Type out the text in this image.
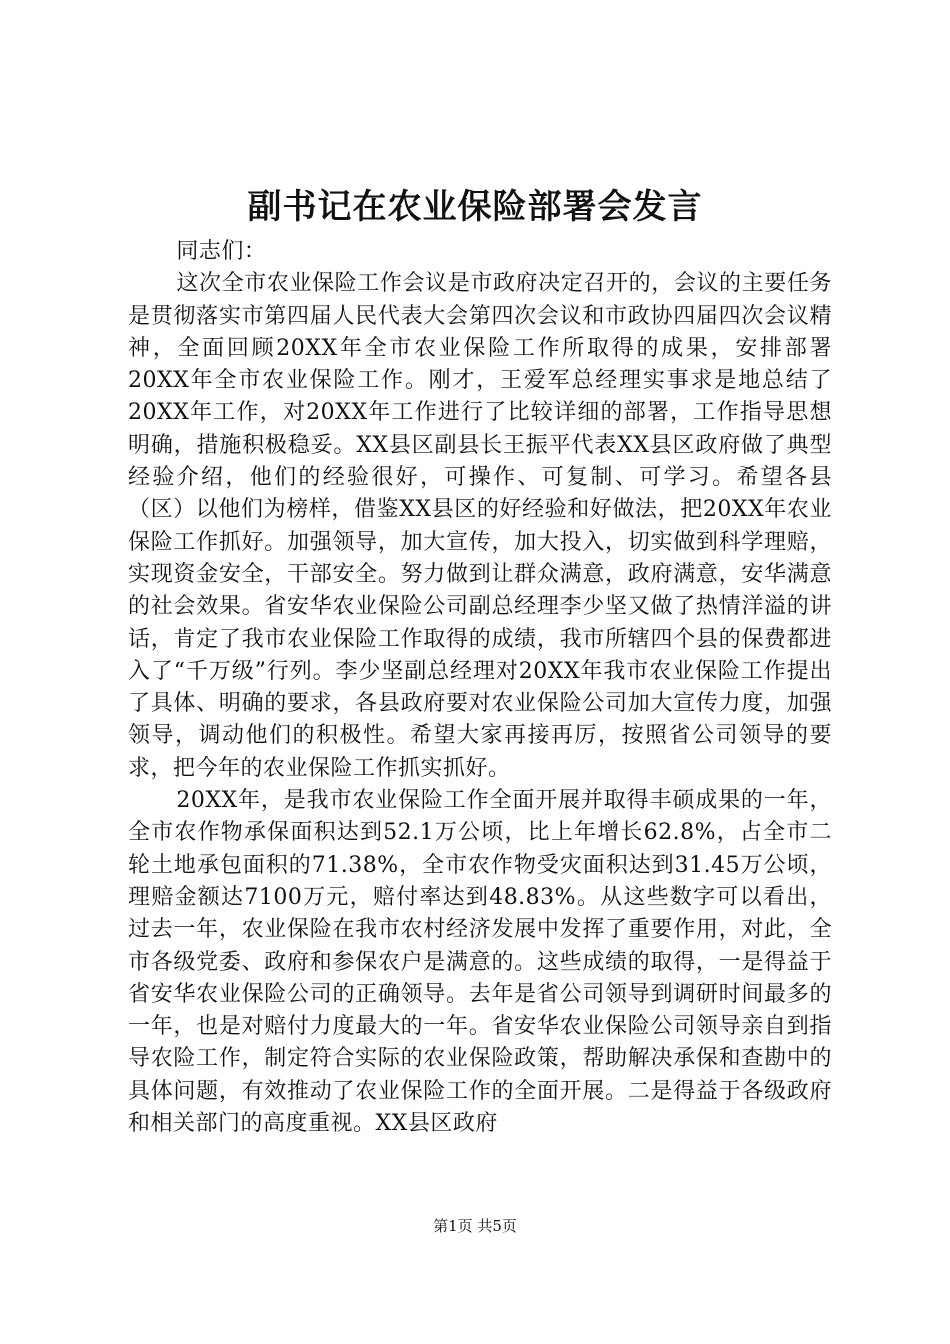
副书记在农业保险部署会发言

同志们：

这次全市农业保险工作会议是市政府决定召开的，会议的主要任务是贯彻落实市第四届人民代表大会第四次会议和市政协四届四次会议精神，全面回顾20XX年全市农业保险工作所取得的成果，安排部署20XX年全市农业保险工作。刚才，王爱军总经理实事求是地总结了20XX年工作，对20XX年工作进行了比较详细的部署，工作指导思想明确，措施积极稳妥。XX县区副县长王振平代表XX县区政府做了典型经验介绍，他们的经验很好，可操作、可复制、可学习。希望各县（区）以他们为榜样，借鉴XX县区的好经验和好做法，把20XX年农业保险工作抓好。加强领导，加大宣传，加大投入，切实做到科学理赔，实现资金安全，干部安全。努力做到让群众满意，政府满意，安华满意的社会效果。省安华农业保险公司副总经理李少坚又做了热情洋溢的讲话，肯定了我市农业保险工作取得的成绩，我市所辖四个县的保费都进入了“千万级”行列。李少坚副总经理对20XX年我市农业保险工作提出了具体、明确的要求，各县政府要对农业保险公司加大宣传力度，加强领导，调动他们的积极性。希望大家再接再厉，按照省公司领导的要求，把今年的农业保险工作抓实抓好。

20XX年，是我市农业保险工作全面开展并取得丰硕成果的一年，全市农作物承保面积达到52.1万公顷，比上年增长62.8%，占全市二轮土地承包面积的71.38%，全市农作物受灾面积达到31.45万公顷，理赔金额达7100万元，赔付率达到48.83%。从这些数字可以看出，过去一年，农业保险在我市农村经济发展中发挥了重要作用，对此，全市各级党委、政府和参保农户是满意的。这些成绩的取得，一是得益于省安华农业保险公司的正确领导。去年是省公司领导到调研时间最多的一年，也是对赔付力度最大的一年。省安华农业保险公司领导亲自到指导农险工作，制定符合实际的农业保险政策，帮助解决承保和查勘中的具体问题，有效推动了农业保险工作的全面开展。二是得益于各级政府和相关部门的高度重视。XX县区政府

第1页 共5页
